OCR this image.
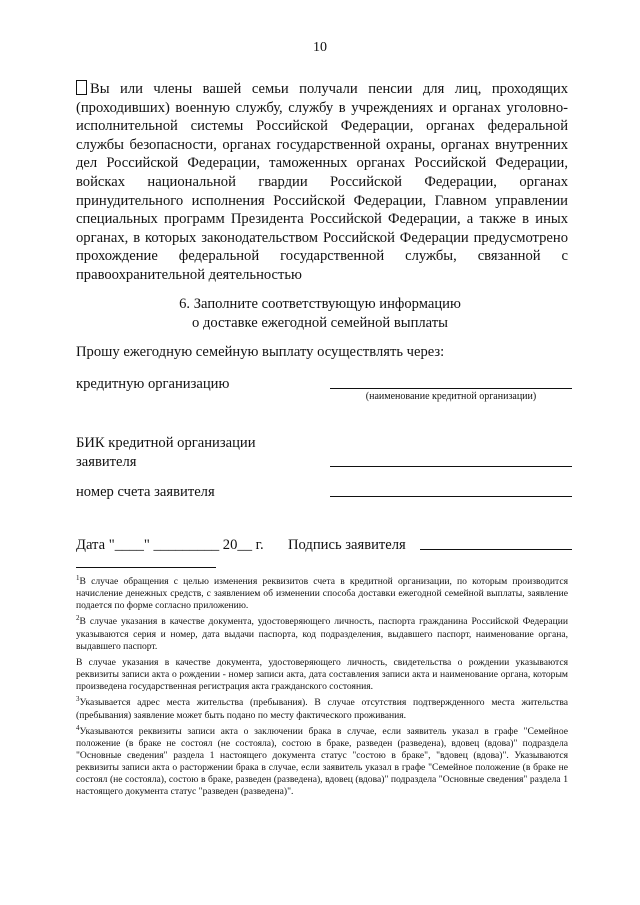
10
Вы или члены вашей семьи получали пенсии для лиц, проходящих (проходивших) военную службу, службу в учреждениях и органах уголовно-исполнительной системы Российской Федерации, органах федеральной службы безопасности, органах государственной охраны, органах внутренних дел Российской Федерации, таможенных органах Российской Федерации, войсках национальной гвардии Российской Федерации, органах принудительного исполнения Российской Федерации, Главном управлении специальных программ Президента Российской Федерации, а также в иных органах, в которых законодательством Российской Федерации предусмотрено прохождение федеральной государственной службы, связанной с правоохранительной деятельностью
6. Заполните соответствующую информацию
о доставке ежегодной семейной выплаты
Прошу ежегодную семейную выплату осуществлять через:
кредитную организацию
(наименование кредитной организации)
БИК кредитной организации
заявителя
номер счета заявителя
Дата "____" _________ 20__ г. Подпись заявителя

$^1$В случае обращения с целью изменения реквизитов счета в кредитной организации, по которым производится начисление денежных средств, с заявлением об изменении способа доставки ежегодной семейной выплаты, заявление подается по форме согласно приложению.

$^2$В случае указания в качестве документа, удостоверяющего личность, паспорта гражданина Российской Федерации указываются серия и номер, дата выдачи паспорта, код подразделения, выдавшего паспорт, наименование органа, выдавшего паспорт.

В случае указания в качестве документа, удостоверяющего личность, свидетельства о рождении указываются реквизиты записи акта о рождении - номер записи акта, дата составления записи акта и наименование органа, которым произведена государственная регистрация акта гражданского состояния.

$^3$Указывается адрес места жительства (пребывания). В случае отсутствия подтвержденного места жительства (пребывания) заявление может быть подано по месту фактического проживания.

$^4$Указываются реквизиты записи акта о заключении брака в случае, если заявитель указал в графе "Семейное положение (в браке не состоял (не состояла), состою в браке, разведен (разведена), вдовец (вдова)" подраздела "Основные сведения" раздела 1 настоящего документа статус "состою в браке", "вдовец (вдова)". Указываются реквизиты записи акта о расторжении брака в случае, если заявитель указал в графе "Семейное положение (в браке не состоял (не состояла), состою в браке, разведен (разведена), вдовец (вдова)" подраздела "Основные сведения" раздела 1 настоящего документа статус "разведен (разведена)".
